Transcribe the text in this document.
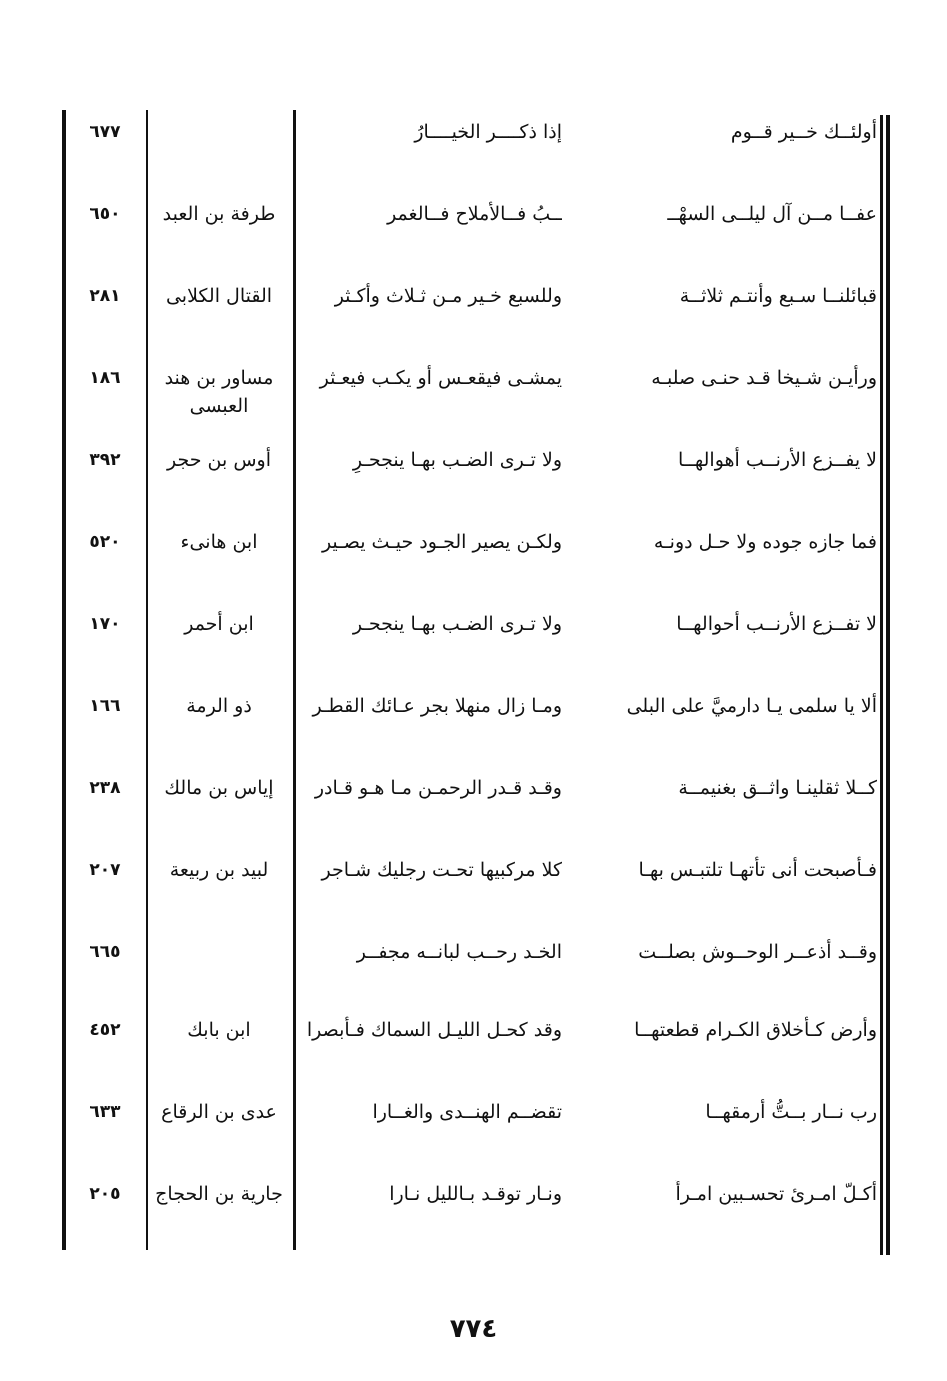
أولئــك خــير قــوم
إذا ذكــــر الخيــــارُ
٦٧٧
عفــا مــن آل ليلــى السهْــ
ــبُ فــالأملاح فــالغمر
طرفة بن العبد
٦٥٠
قبائلنــا سـبع وأنتـم ثلاثــة
وللسبع خـير مـن ثـلاث وأكـثر
القتال الكلابى
٢٨١
ورأيـن شـيخا قـد حنـى صلبـه
يمشـى فيقعـس أو يكـب فيعـثر
مساور بن هند العبسى
١٨٦
لا يفــزع الأرنــب أهوالهــا
ولا تـرى الضـب بهـا ينجحـرِ
أوس بن حجر
٣٩٢
فما جازه جوده ولا حـل دونـه
ولكـن يصير الجـود حيـث يصـير
ابن هانىء
٥٢٠
لا تفــزع الأرنــب أحوالهــا
ولا تـرى الضـب بهـا ينجحـر
ابن أحمر
١٧٠
ألا يا سلمى يـا دارميَّ على البلى
ومـا زال منهلا بجر عـائك القطـر
ذو الرمة
١٦٦
كــلا ثقلينـا واثــق بغنيمــة
وقـد قـدر الرحمـن مـا هـو قـادر
إياس بن مالك
٢٣٨
فـأصبحت أنى تأتهـا تلتبـس بهـا
كلا مركبيها تحـت رجليك شـاجر
لبيد بن ربيعة
٢٠٧
وقــد أذعــر الوحــوش بصلــت
الخـد رحــب لبانــه مجفــر
٦٦٥
وأرض كـأخلاق الكـرام قطعتهــا
وقد كحـل الليـل السماك فـأبصرا
ابن بابك
٤٥٢
رب نــار بــتُّ أرمقهــا
تقضــم الهنــدى والغــارا
عدى بن الرقاع
٦٣٣
أكـلّ امـرئ تحسـبين امـرأً
ونـار توقـد بـالليل نـارا
جارية بن الحجاج
٢٠٥
٧٧٤
